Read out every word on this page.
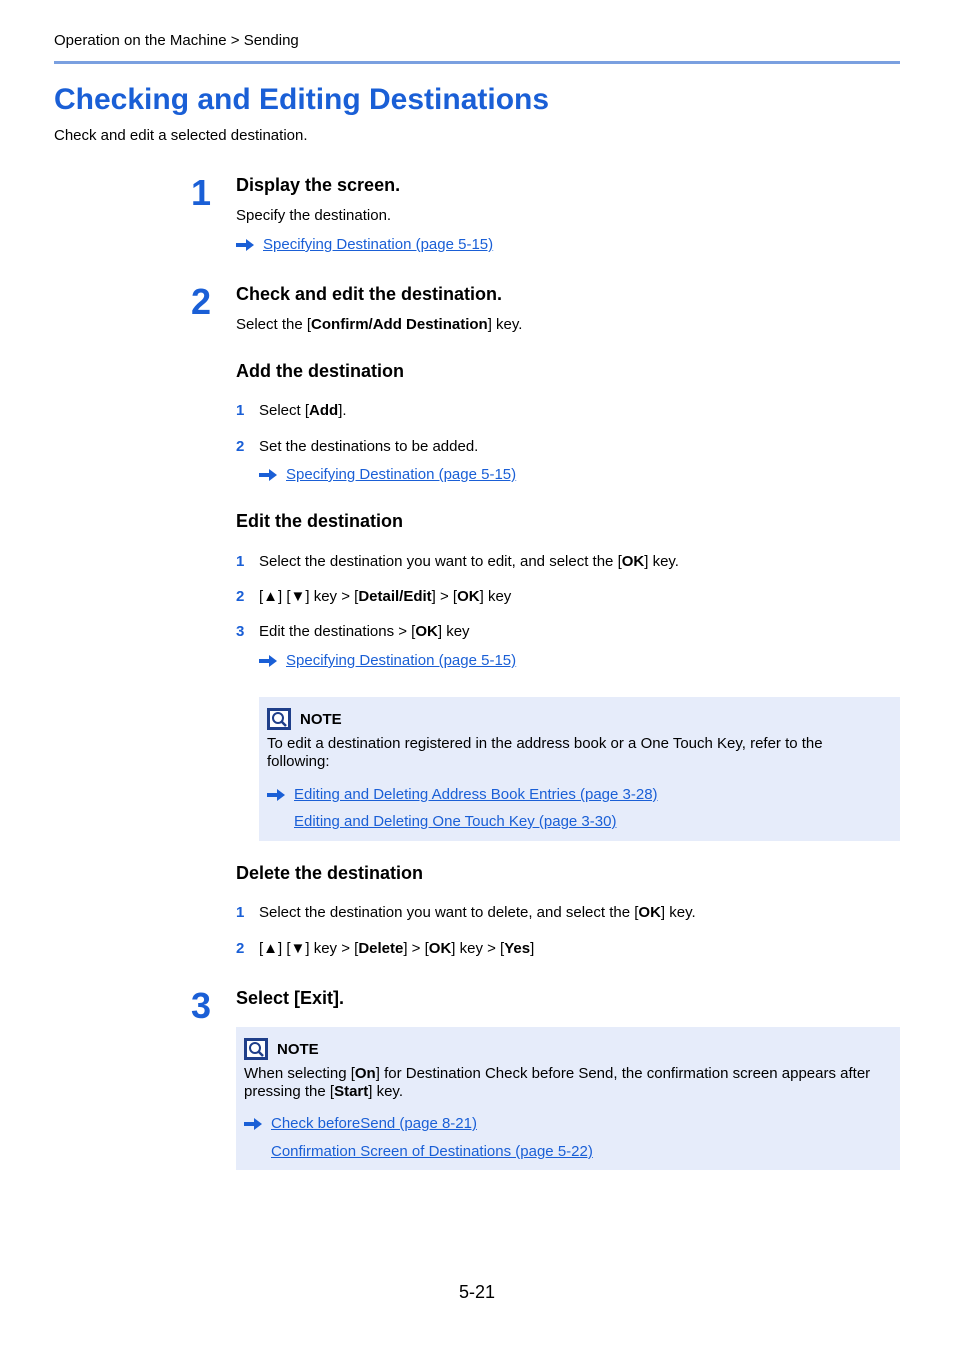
Operation on the Machine > Sending
Checking and Editing Destinations
Check and edit a selected destination.
1 Display the screen.
Specify the destination.
Specifying Destination (page 5-15)
2 Check and edit the destination.
Select the [Confirm/Add Destination] key.
Add the destination
1 Select [Add].
2 Set the destinations to be added.
Specifying Destination (page 5-15)
Edit the destination
1 Select the destination you want to edit, and select the [OK] key.
2 [▲] [▼] key > [Detail/Edit] > [OK] key
3 Edit the destinations > [OK] key
Specifying Destination (page 5-15)
NOTE
To edit a destination registered in the address book or a One Touch Key, refer to the following:
Editing and Deleting Address Book Entries (page 3-28)
Editing and Deleting One Touch Key (page 3-30)
Delete the destination
1 Select the destination you want to delete, and select the [OK] key.
2 [▲] [▼] key > [Delete] > [OK] key > [Yes]
3 Select [Exit].
NOTE
When selecting [On] for Destination Check before Send, the confirmation screen appears after pressing the [Start] key.
Check beforeSend (page 8-21)
Confirmation Screen of Destinations (page 5-22)
5-21
